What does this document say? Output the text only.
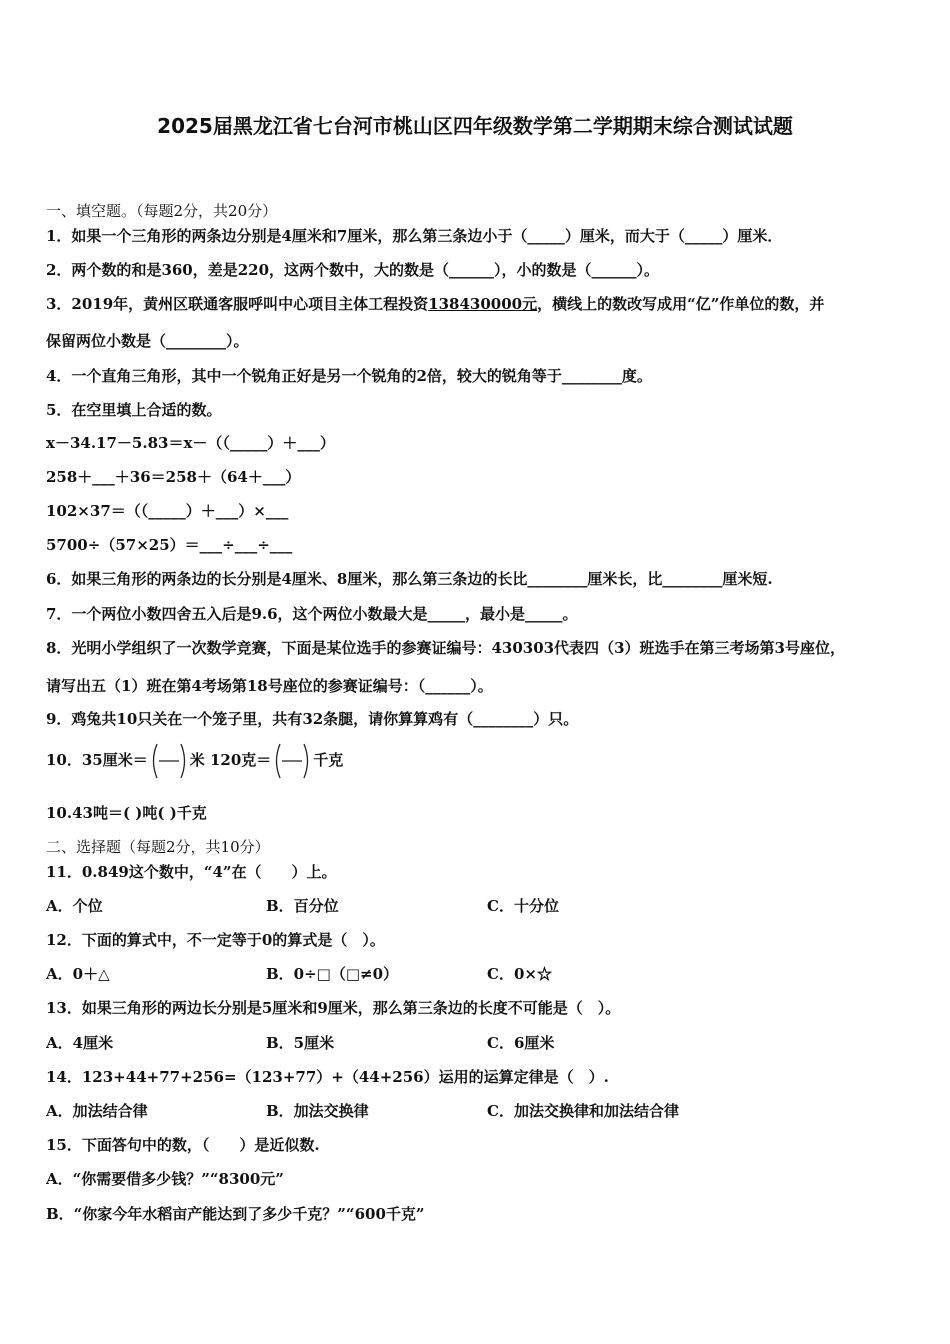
2025届黑龙江省七台河市桃山区四年级数学第二学期期末综合测试试题
一、填空题。（每题2分，共20分）
1．如果一个三角形的两条边分别是4厘米和7厘米，那么第三条边小于（_____）厘米，而大于（_____）厘米．
2．两个数的和是360，差是220，这两个数中，大的数是（______），小的数是（______）。
3．2019年，黄州区联通客服呼叫中心项目主体工程投资138430000元，横线上的数改写成用“亿”作单位的数，并
保留两位小数是（________）。
4．一个直角三角形，其中一个锐角正好是另一个锐角的2倍，较大的锐角等于________度。
5．在空里填上合适的数。
x－34.17－5.83＝x－（（_____）＋___）
258＋___＋36＝258＋（64＋___）
102×37＝（（_____）＋___）×___
5700÷（57×25）＝___÷___÷___
6．如果三角形的两条边的长分别是4厘米、8厘米，那么第三条边的长比________厘米长，比________厘米短.
7．一个两位小数四舍五入后是9.6，这个两位小数最大是_____，最小是_____。
8．光明小学组织了一次数学竞赛，下面是某位选手的参赛证编号：430303代表四（3）班选手在第三考场第3号座位，
请写出五（1）班在第4考场第18号座位的参赛证编号：（______）。
9．鸡兔共10只关在一个笼子里，共有32条腿，请你算算鸡有（________）只。
10．35厘米＝	米 120克＝	千克
10.43吨＝( )吨( )千克
二、选择题（每题2分，共10分）
11．0.849这个数中，“4”在（　　）上。
A．个位	B．百分位	C．十分位
12．下面的算式中，不一定等于0的算式是（　）。
A．0＋△	B．0÷□（□≠0）	C．0×☆
13．如果三角形的两边长分别是5厘米和9厘米，那么第三条边的长度不可能是（　）。
A．4厘米	B．5厘米	C．6厘米
14．123+44+77+256=（123+77）+（44+256）运用的运算定律是（　）.
A．加法结合律	B．加法交换律	C．加法交换律和加法结合律
15．下面答句中的数，（　　）是近似数.
A．“你需要借多少钱？”“8300元”
B．“你家今年水稻亩产能达到了多少千克？”“600千克”
